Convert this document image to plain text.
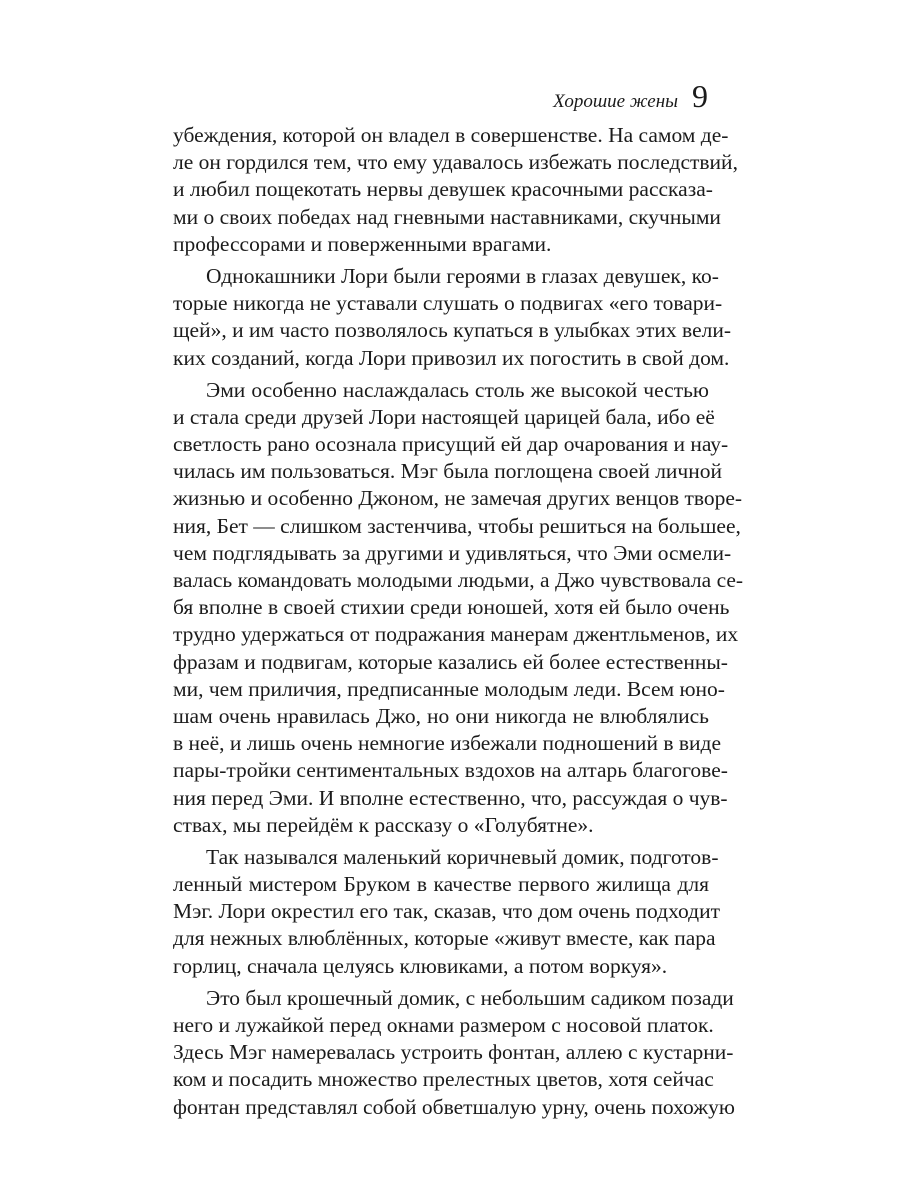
Хорошие жены 9
убеждения, которой он владел в совершенстве. На самом де-
ле он гордился тем, что ему удавалось избежать последствий,
и любил пощекотать нервы девушек красочными рассказа-
ми о своих победах над гневными наставниками, скучными
профессорами и поверженными врагами.
Однокашники Лори были героями в глазах девушек, ко-
торые никогда не уставали слушать о подвигах «его товари-
щей», и им часто позволялось купаться в улыбках этих вели-
ких созданий, когда Лори привозил их погостить в свой дом.
Эми особенно наслаждалась столь же высокой честью
и стала среди друзей Лори настоящей царицей бала, ибо её
светлость рано осознала присущий ей дар очарования и нау-
чилась им пользоваться. Мэг была поглощена своей личной
жизнью и особенно Джоном, не замечая других венцов творе-
ния, Бет — слишком застенчива, чтобы решиться на большее,
чем подглядывать за другими и удивляться, что Эми осмели-
валась командовать молодыми людьми, а Джо чувствовала се-
бя вполне в своей стихии среди юношей, хотя ей было очень
трудно удержаться от подражания манерам джентльменов, их
фразам и подвигам, которые казались ей более естественны-
ми, чем приличия, предписанные молодым леди. Всем юно-
шам очень нравилась Джо, но они никогда не влюблялись
в неё, и лишь очень немногие избежали подношений в виде
пары-тройки сентиментальных вздохов на алтарь благогове-
ния перед Эми. И вполне естественно, что, рассуждая о чув-
ствах, мы перейдём к рассказу о «Голубятне».
Так назывался маленький коричневый домик, подготов-
ленный мистером Бруком в качестве первого жилища для
Мэг. Лори окрестил его так, сказав, что дом очень подходит
для нежных влюблённых, которые «живут вместе, как пара
горлиц, сначала целуясь клювиками, а потом воркуя».
Это был крошечный домик, с небольшим садиком позади
него и лужайкой перед окнами размером с носовой платок.
Здесь Мэг намеревалась устроить фонтан, аллею с кустарни-
ком и посадить множество прелестных цветов, хотя сейчас
фонтан представлял собой обветшалую урну, очень похожую
